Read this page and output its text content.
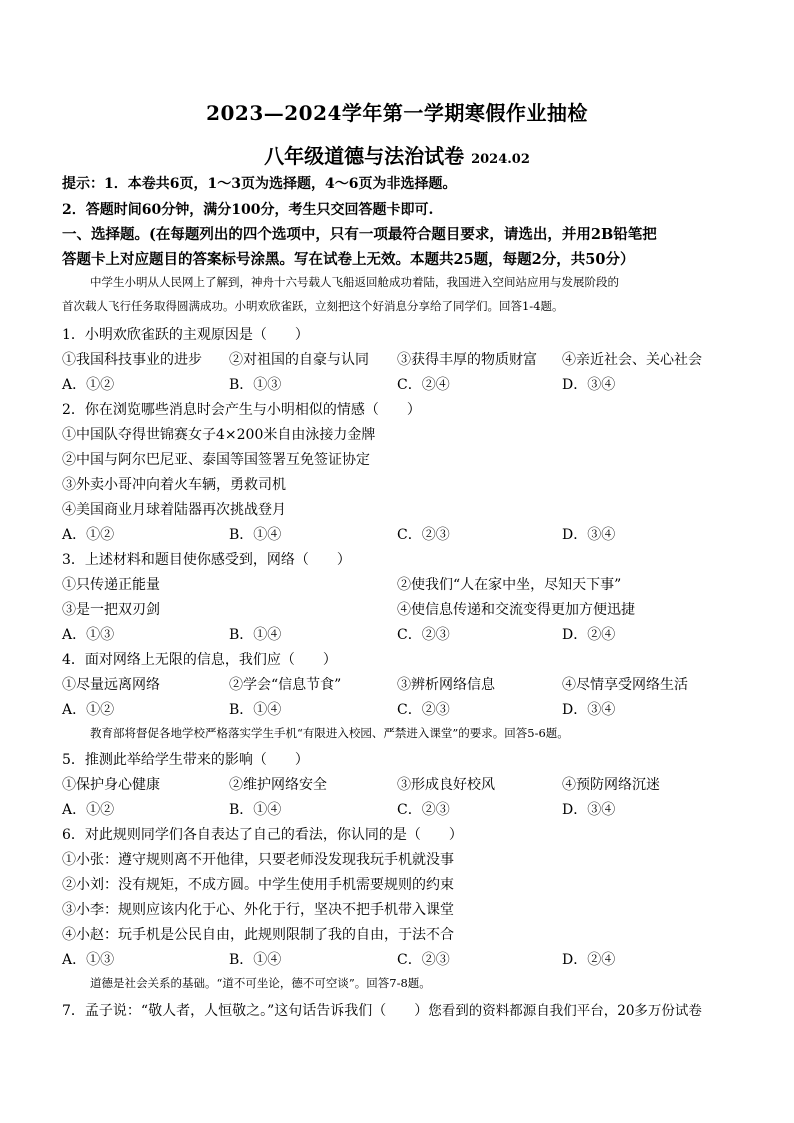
2023—2024学年第一学期寒假作业抽检
八年级道德与法治试卷 2024.02
提示：1．本卷共6页，1～3页为选择题，4～6页为非选择题。
2．答题时间60分钟，满分100分，考生只交回答题卡即可.
一、选择题。(在每题列出的四个选项中，只有一项最符合题目要求，请选出，并用2B铅笔把
答题卡上对应题目的答案标号涂黑。写在试卷上无效。本题共25题，每题2分，共50分）
中学生小明从人民网上了解到，神舟十六号载人飞船返回舱成功着陆，我国进入空间站应用与发展阶段的
首次载人飞行任务取得圆满成功。小明欢欣雀跃，立刻把这个好消息分享给了同学们。回答1-4题。
1．小明欢欣雀跃的主观原因是（　　）
①我国科技事业的进步 ②对祖国的自豪与认同 ③获得丰厚的物质财富 ④亲近社会、关心社会
A．①②	B．①③	C．②④	D．③④
2．你在浏览哪些消息时会产生与小明相似的情感（　　）
①中国队夺得世锦赛女子4×200米自由泳接力金牌
②中国与阿尔巴尼亚、泰国等国签署互免签证协定
③外卖小哥冲向着火车辆，勇救司机
④美国商业月球着陆器再次挑战登月
A．①②	B．①④	C．②③	D．③④
3．上述材料和题目使你感受到，网络（　　）
①只传递正能量	②使我们“人在家中坐，尽知天下事”
③是一把双刃剑	④使信息传递和交流变得更加方便迅捷
A．①③	B．①④	C．②③	D．②④
4．面对网络上无限的信息，我们应（　　）
①尽量远离网络	②学会“信息节食”	③辨析网络信息	④尽情享受网络生活
A．①②	B．①④	C．②③	D．③④
教育部将督促各地学校严格落实学生手机“有限进入校园、严禁进入课堂”的要求。回答5-6题。
5．推测此举给学生带来的影响（　　）
①保护身心健康	②维护网络安全	③形成良好校风	④预防网络沉迷
A．①②	B．①④	C．②③	D．③④
6．对此规则同学们各自表达了自己的看法，你认同的是（　　）
①小张：遵守规则离不开他律，只要老师没发现我玩手机就没事
②小刘：没有规矩，不成方圆。中学生使用手机需要规则的约束
③小李：规则应该内化于心、外化于行，坚决不把手机带入课堂
④小赵：玩手机是公民自由，此规则限制了我的自由，于法不合
A．①③	B．①④	C．②③	D．②④
道德是社会关系的基础。“道不可坐论，德不可空谈”。回答7-8题。
7．孟子说：“敬人者，人恒敬之。”这句话告诉我们（　　）您看到的资料都源自我们平台，20多万份试卷
